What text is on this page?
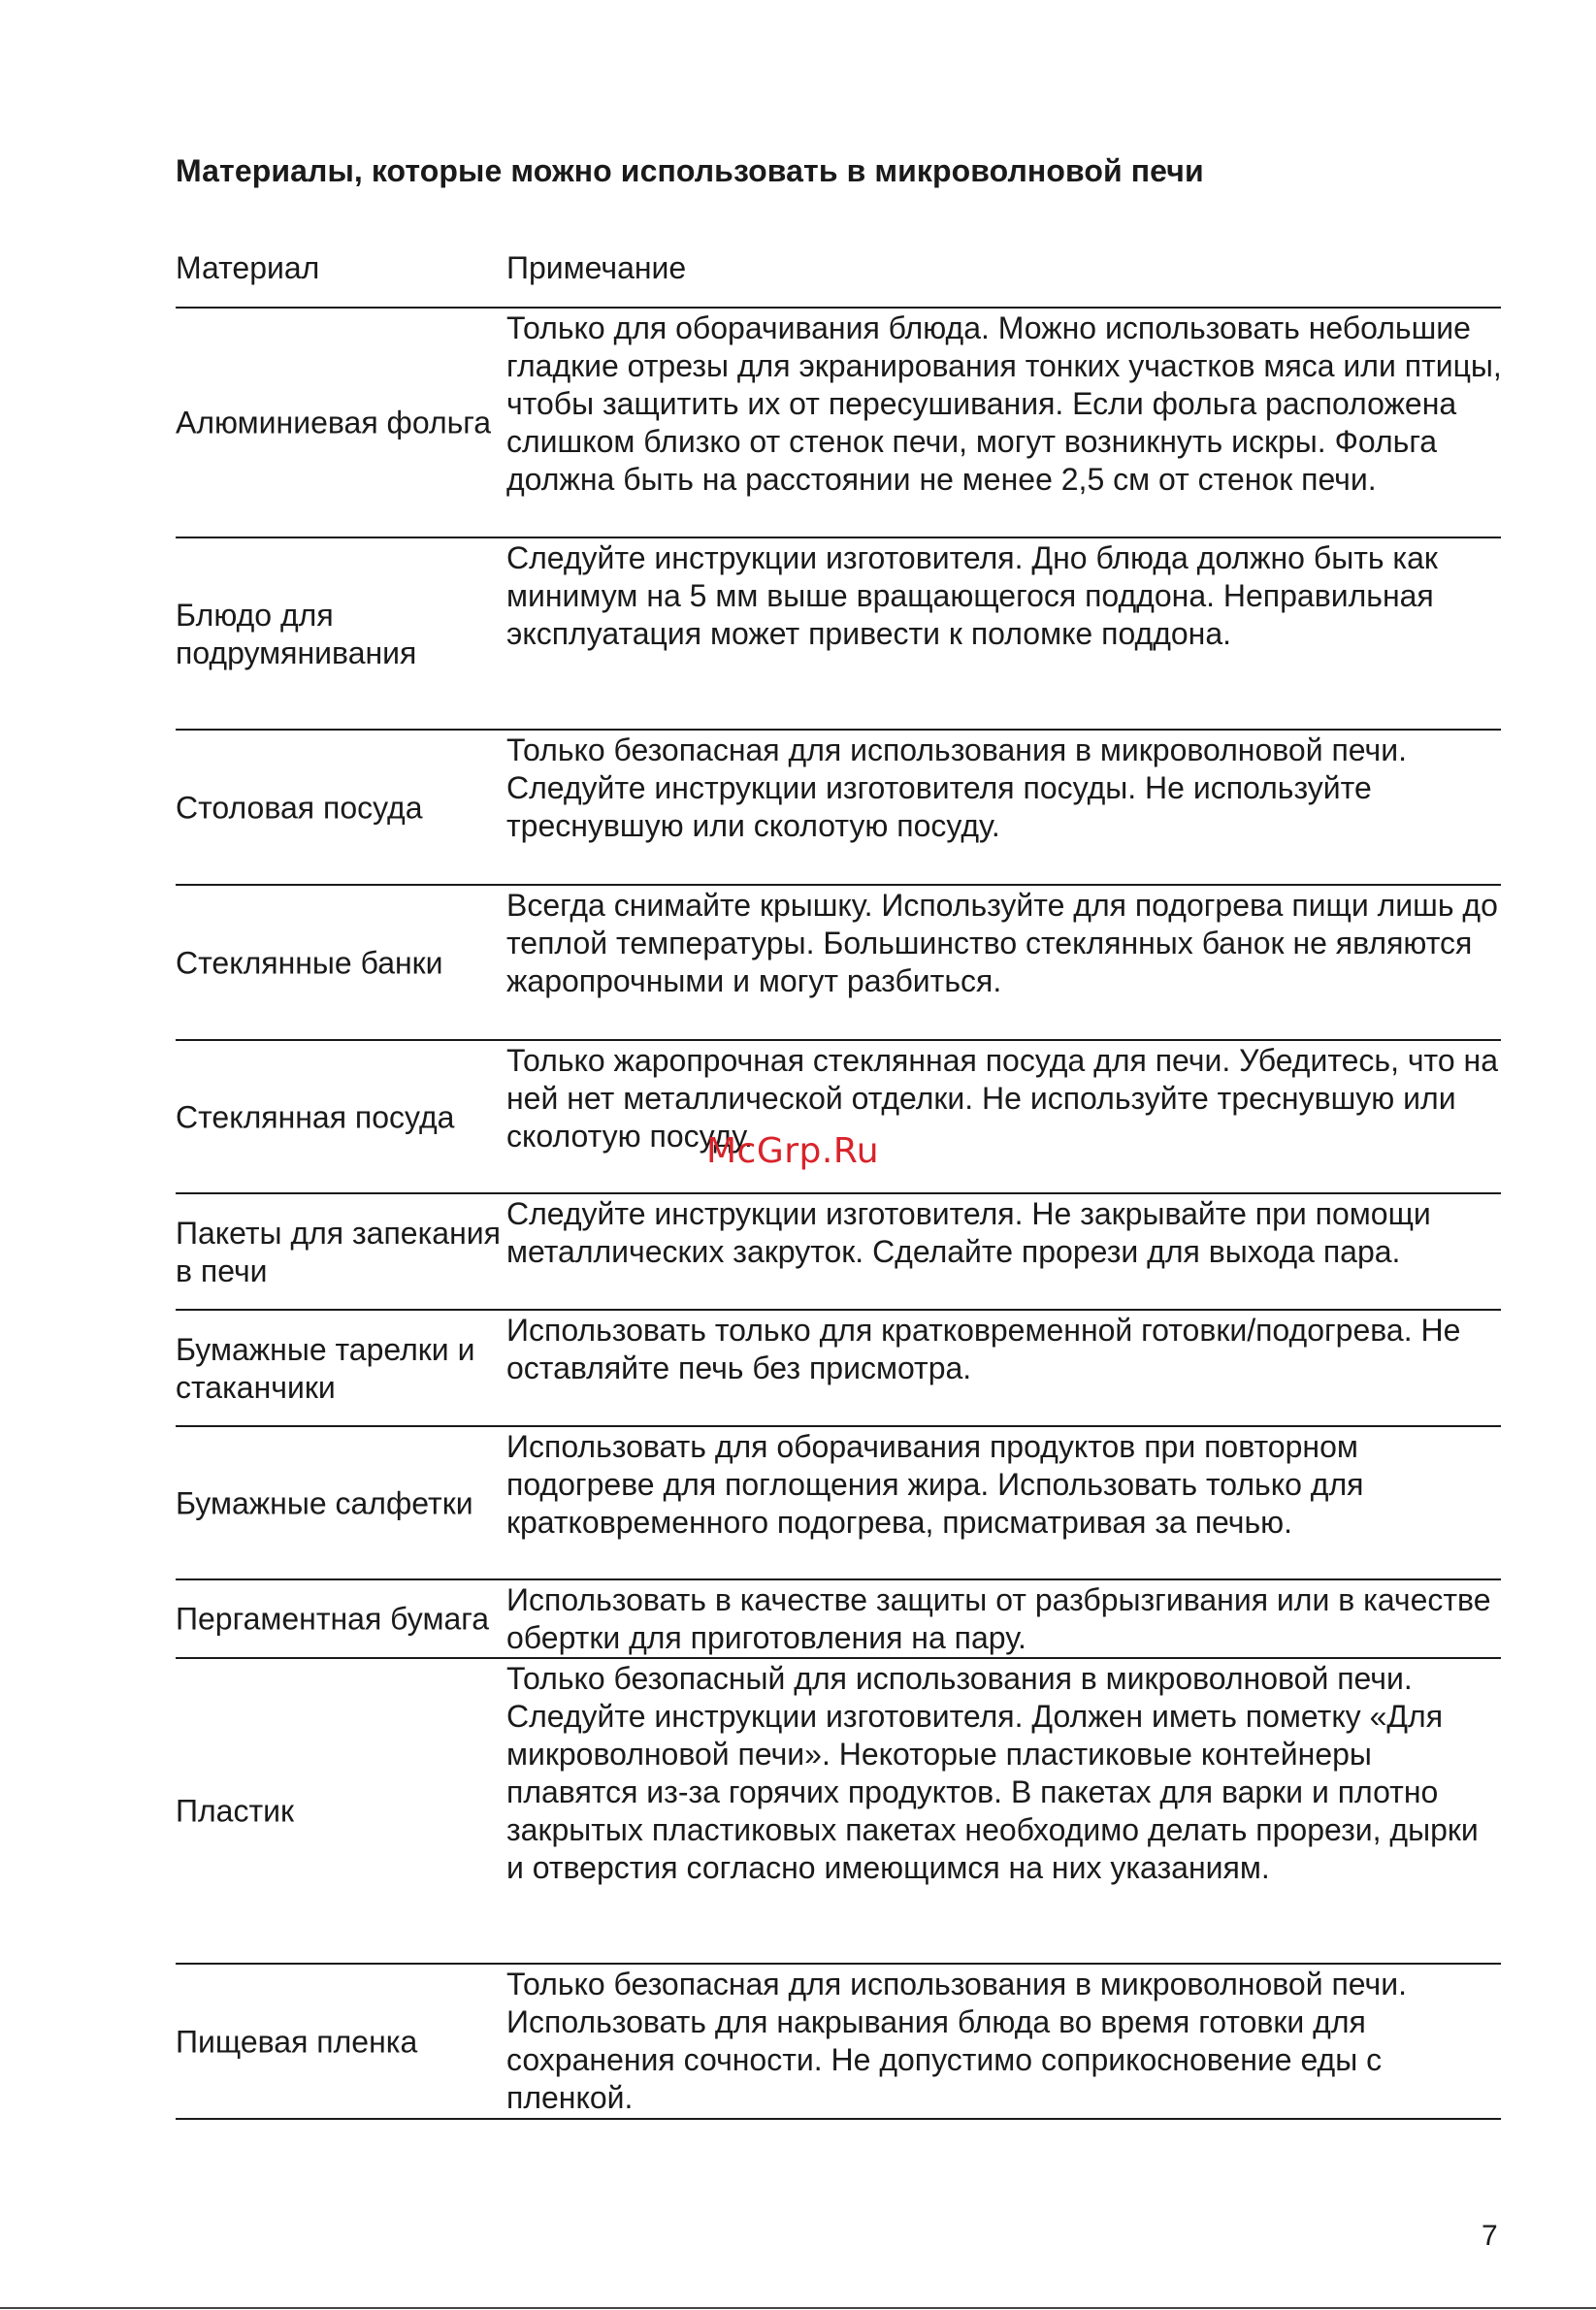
Материалы, которые можно использовать в микроволновой печи
Материал	Примечание
Алюминиевая фольга
Только для оборачивания блюда. Можно использовать небольшие гладкие отрезы для экранирования тонких участков мяса или птицы, чтобы защитить их от пересушивания. Если фольга расположена слишком близко от стенок печи, могут возникнуть искры. Фольга должна быть на расстоянии не менее 2,5 см от стенок печи.
Блюдо для подрумянивания
Следуйте инструкции изготовителя. Дно блюда должно быть как минимум на 5 мм выше вращающегося поддона. Неправильная эксплуатация может привести к поломке поддона.
Столовая посуда
Только безопасная для использования в микроволновой печи. Следуйте инструкции изготовителя посуды. Не используйте треснувшую или сколотую посуду.
Стеклянные банки
Всегда снимайте крышку. Используйте для подогрева пищи лишь до теплой температуры. Большинство стеклянных банок не являются жаропрочными и могут разбиться.
Стеклянная посуда
Только жаропрочная стеклянная посуда для печи. Убедитесь, что на ней нет металлической отделки. Не используйте треснувшую или сколотую посуду.
Пакеты для запекания в печи
Следуйте инструкции изготовителя. Не закрывайте при помощи металлических закруток. Сделайте прорези для выхода пара.
Бумажные тарелки и стаканчики
Использовать только для кратковременной готовки/подогрева. Не оставляйте печь без присмотра.
Бумажные салфетки
Использовать для оборачивания продуктов при повторном подогреве для поглощения жира. Использовать только для кратковременного подогрева, присматривая за печью.
Пергаментная бумага
Использовать в качестве защиты от разбрызгивания или в качестве обертки для приготовления на пару.
Пластик
Только безопасный для использования в микроволновой печи. Следуйте инструкции изготовителя. Должен иметь пометку «Для микроволновой печи». Некоторые пластиковые контейнеры плавятся из-за горячих продуктов. В пакетах для варки и плотно закрытых пластиковых пакетах необходимо делать прорези, дырки и отверстия согласно имеющимся на них указаниям.
Пищевая пленка
Только безопасная для использования в микроволновой печи. Использовать для накрывания блюда во время готовки для сохранения сочности. Не допустимо соприкосновение еды с пленкой.
McGrp.Ru
7
